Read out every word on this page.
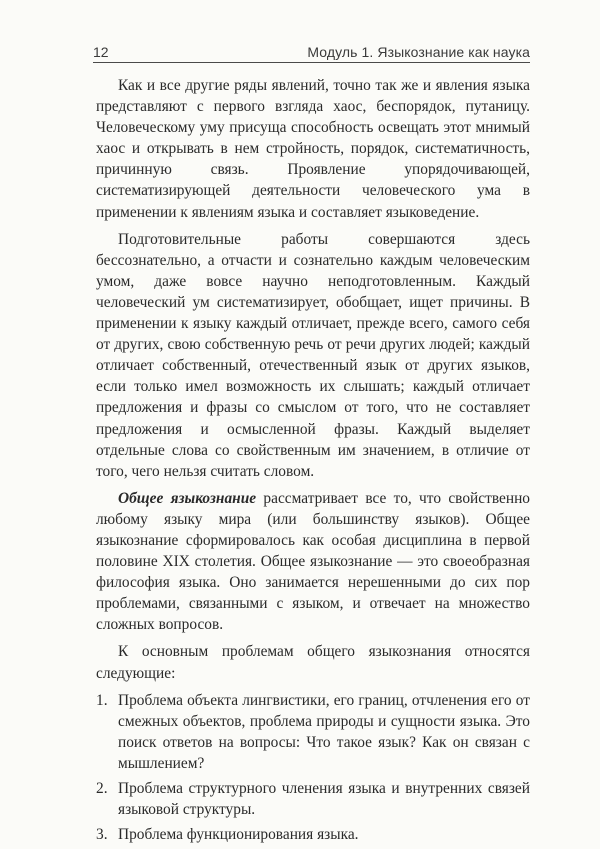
12	Модуль 1. Языкознание как наука

Как и все другие ряды явлений, точно так же и явления языка представляют с первого взгляда хаос, беспорядок, путаницу. Человеческому уму присуща способность освещать этот мнимый хаос и открывать в нем стройность, порядок, систематичность, причинную связь. Проявление упорядочивающей, систематизирующей деятельности человеческого ума в применении к явлениям языка и составляет языковедение.

Подготовительные работы совершаются здесь бессознательно, а отчасти и сознательно каждым человеческим умом, даже вовсе научно неподготовленным. Каждый человеческий ум систематизирует, обобщает, ищет причины. В применении к языку каждый отличает, прежде всего, самого себя от других, свою собственную речь от речи других людей; каждый отличает собственный, отечественный язык от других языков, если только имел возможность их слышать; каждый отличает предложения и фразы со смыслом от того, что не составляет предложения и осмысленной фразы. Каждый выделяет отдельные слова со свойственным им значением, в отличие от того, чего нельзя считать словом.

Общее языкознание рассматривает все то, что свойственно любому языку мира (или большинству языков). Общее языкознание сформировалось как особая дисциплина в первой половине XIX столетия. Общее языкознание — это своеобразная философия языка. Оно занимается нерешенными до сих пор проблемами, связанными с языком, и отвечает на множество сложных вопросов.

К основным проблемам общего языкознания относятся следующие:

1. Проблема объекта лингвистики, его границ, отчленения его от смежных объектов, проблема природы и сущности языка. Это поиск ответов на вопросы: Что такое язык? Как он связан с мышлением?
2. Проблема структурного членения языка и внутренних связей языковой структуры.
3. Проблема функционирования языка.
